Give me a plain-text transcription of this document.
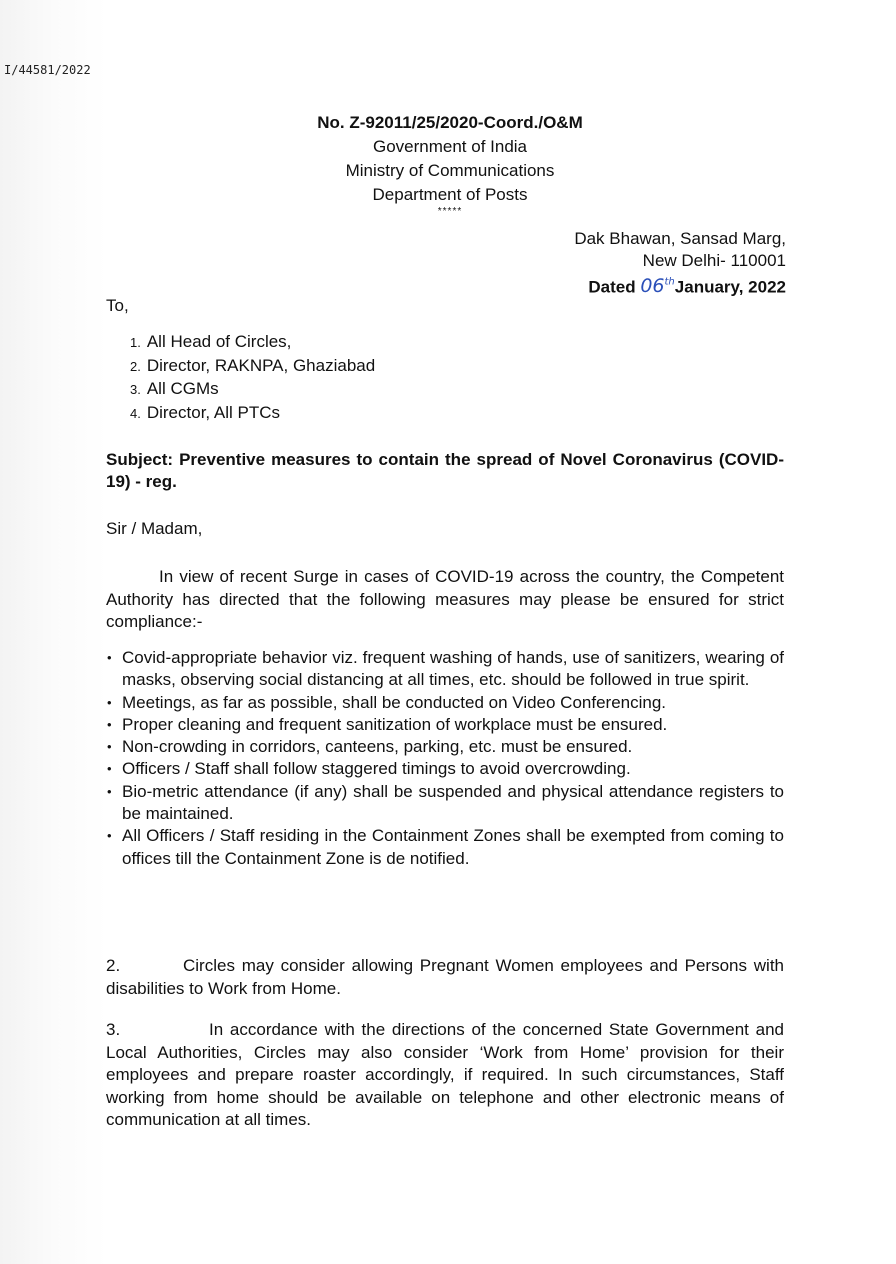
I/44581/2022
No. Z-92011/25/2020-Coord./O&M
Government of India
Ministry of Communications
Department of Posts
*****
Dak Bhawan, Sansad Marg,
New Delhi- 110001
Dated 06thJanuary, 2022
To,
1. All Head of Circles,
2. Director, RAKNPA, Ghaziabad
3. All CGMs
4. Director, All PTCs
Subject: Preventive measures to contain the spread of Novel Coronavirus (COVID-19) - reg.
Sir / Madam,
In view of recent Surge in cases of COVID-19 across the country, the Competent Authority has directed that the following measures may please be ensured for strict compliance:-
• Covid-appropriate behavior viz. frequent washing of hands, use of sanitizers, wearing of masks, observing social distancing at all times, etc. should be followed in true spirit.
• Meetings, as far as possible, shall be conducted on Video Conferencing.
• Proper cleaning and frequent sanitization of workplace must be ensured.
• Non-crowding in corridors, canteens, parking, etc. must be ensured.
• Officers / Staff shall follow staggered timings to avoid overcrowding.
• Bio-metric attendance (if any) shall be suspended and physical attendance registers to be maintained.
• All Officers / Staff residing in the Containment Zones shall be exempted from coming to offices till the Containment Zone is de notified.
2.	Circles may consider allowing Pregnant Women employees and Persons with disabilities to Work from Home.
3.	In accordance with the directions of the concerned State Government and Local Authorities, Circles may also consider ‘Work from Home’ provision for their employees and prepare roaster accordingly, if required. In such circumstances, Staff working from home should be available on telephone and other electronic means of communication at all times.
